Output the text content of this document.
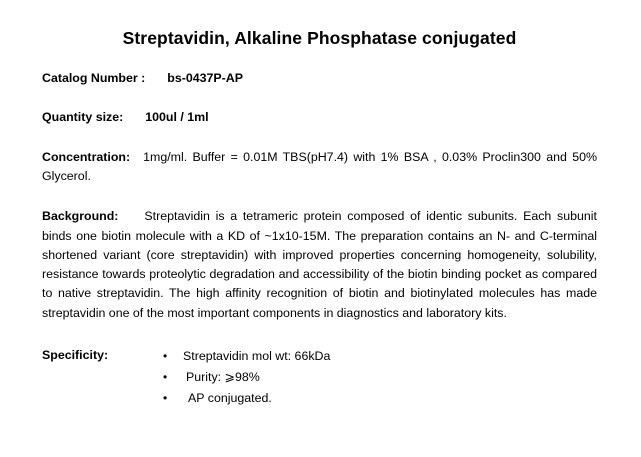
Streptavidin, Alkaline Phosphatase conjugated
Catalog Number : bs-0437P-AP
Quantity size: 100ul / 1ml
Concentration: 1mg/ml. Buffer = 0.01M TBS(pH7.4) with 1% BSA , 0.03% Proclin300 and 50% Glycerol.
Background: Streptavidin is a tetrameric protein composed of identic subunits. Each subunit binds one biotin molecule with a KD of ~1x10-15M. The preparation contains an N- and C-terminal shortened variant (core streptavidin) with improved properties concerning homogeneity, solubility, resistance towards proteolytic degradation and accessibility of the biotin binding pocket as compared to native streptavidin. The high affinity recognition of biotin and biotinylated molecules has made streptavidin one of the most important components in diagnostics and laboratory kits.
Specificity:	• Streptavidin mol wt: 66kDa
• Purity: ⩾98%
• AP conjugated.
